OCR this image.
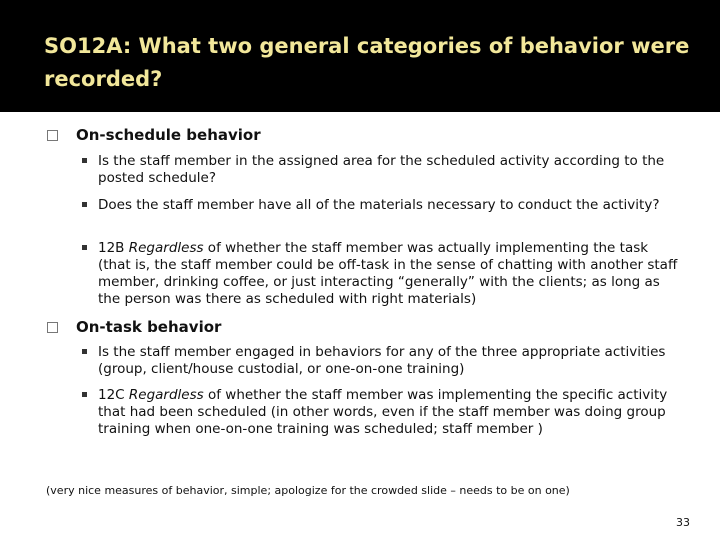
SO12A: What two general categories of behavior were recorded?
On-schedule behavior
Is the staff member in the assigned area for the scheduled activity according to the posted schedule?
Does the staff member have all of the materials necessary to conduct the activity?
12B Regardless of whether the staff member was actually implementing the task (that is, the staff member could be off-task in the sense of chatting with another staff member, drinking coffee, or just interacting “generally” with the clients; as long as the person was there as scheduled with right materials)
On-task behavior
Is the staff member engaged in behaviors for any of the three appropriate activities (group, client/house custodial, or one-on-one training)
12C Regardless of whether the staff member was implementing the specific activity that had been scheduled (in other words, even if the staff member was doing group training when one-on-one training was scheduled; staff member )
(very nice measures of behavior, simple; apologize for the crowded slide – needs to be on one)
33
